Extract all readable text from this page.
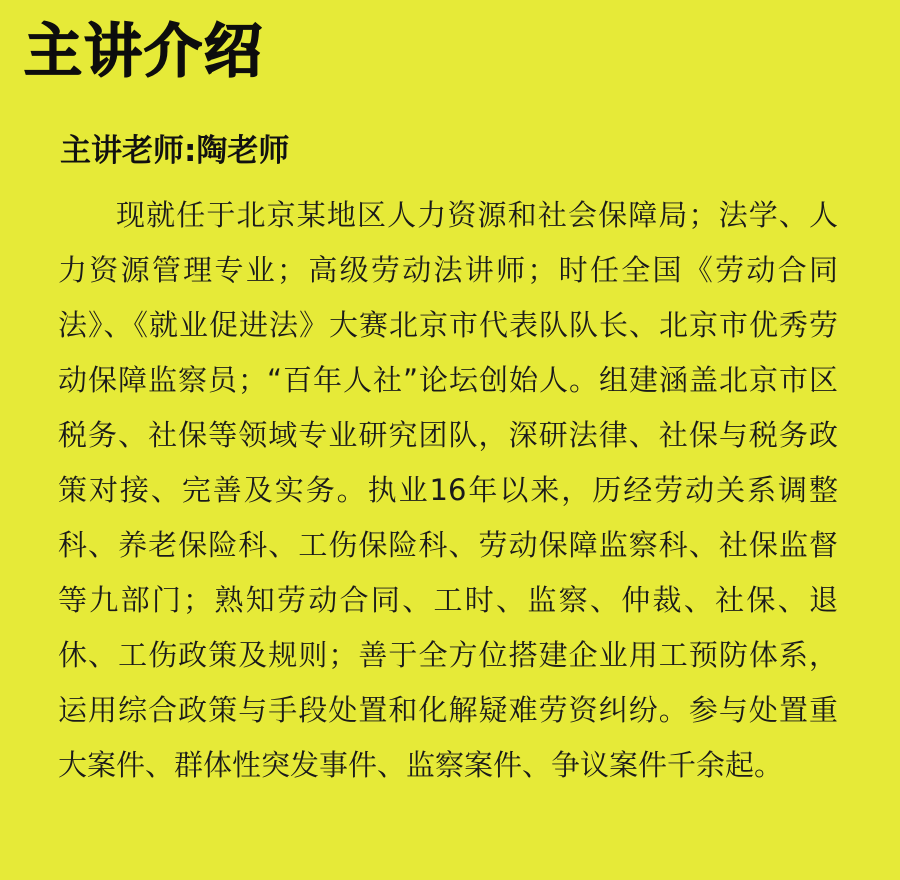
主讲介绍
主讲老师:陶老师

现就任于北京某地区人力资源和社会保障局；法学、人力资源管理专业；高级劳动法讲师；时任全国《劳动合同法》、《就业促进法》大赛北京市代表队队长、北京市优秀劳动保障监察员；“百年人社”论坛创始人。组建涵盖北京市区税务、社保等领域专业研究团队，深研法律、社保与税务政策对接、完善及实务。执业16年以来，历经劳动关系调整科、养老保险科、工伤保险科、劳动保障监察科、社保监督等九部门；熟知劳动合同、工时、监察、仲裁、社保、退休、工伤政策及规则；善于全方位搭建企业用工预防体系，运用综合政策与手段处置和化解疑难劳资纠纷。参与处置重大案件、群体性突发事件、监察案件、争议案件千余起。
